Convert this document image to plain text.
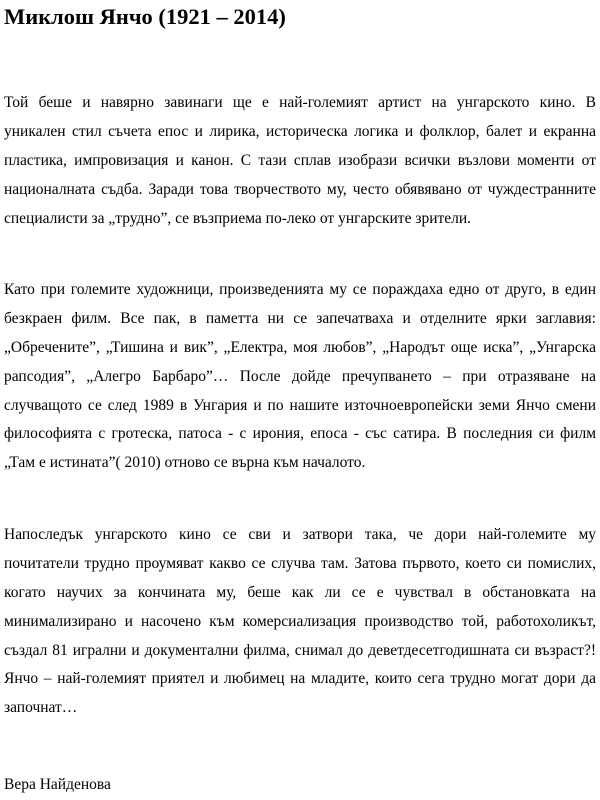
Миклош Янчо (1921 – 2014)
Той беше и навярно завинаги ще е най-големият артист на унгарското кино. В
уникален стил съчета епос и лирика, историческа логика и фолклор, балет и екранна
пластика, импровизация и канон. С тази сплав изобрази всички възлови моменти от
националната съдба. Заради това творчеството му, често обявявано от чуждестранните
специалисти за „трудно”, се възприема по-леко от унгарските зрители.
Като при големите художници, произведенията му се пораждаха едно от друго, в един
безкраен филм. Все пак, в паметта ни се запечатваха и отделните ярки заглавия:
„Обречените”, „Тишина и вик”, „Електра, моя любов”, „Народът още иска”, „Унгарска
рапсодия”, „Алегро Барбаро”… После дойде пречупването – при отразяване на
случващото се след 1989 в Унгария и по нашите източноевропейски земи Янчо смени
философията с гротеска, патоса - с ирония, епоса - със сатира. В последния си филм
„Там е истината”( 2010) отново се върна към началото.
Напоследък унгарското кино се сви и затвори така, че дори най-големите му
почитатели трудно проумяват какво се случва там. Затова първото, което си помислих,
когато научих за кончината му, беше как ли се е чувствал в обстановката на
минимализирано и насочено към комерсиализация производство той, работохоликът,
създал 81 игрални и документални филма, снимал до деветдесетгодишната си възраст?!
Янчо – най-големият приятел и любимец на младите, които сега трудно могат дори да
започнат…
Вера Найденова
